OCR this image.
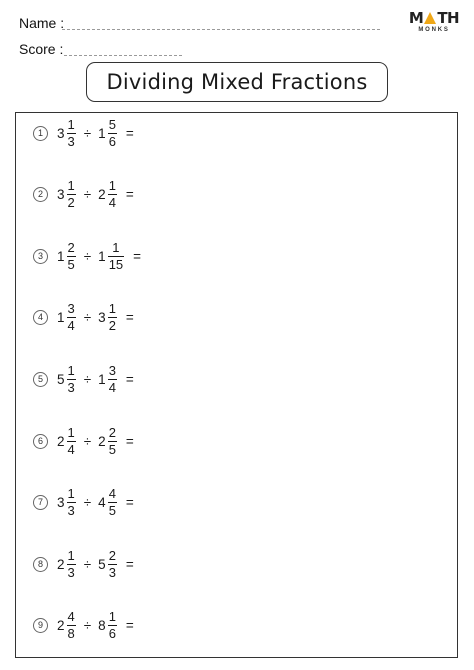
Name :
Score :
M TH
MONKS
Dividing Mixed Fractions
1	$3 \frac{1}{3} \div 1 \frac{5}{6}$ =
2	$3 \frac{1}{2} \div 2 \frac{1}{4}$ =
3	$1 \frac{2}{5} \div 1 \frac{1}{15}$ =
4	$1 \frac{3}{4} \div 3 \frac{1}{2}$ =
5	$5 \frac{1}{3} \div 1 \frac{3}{4}$ =
6	$2 \frac{1}{4} \div 2 \frac{2}{5}$ =
7	$3 \frac{1}{3} \div 4 \frac{4}{5}$ =
8	$2 \frac{1}{3} \div 5 \frac{2}{3}$ =
9	$2 \frac{4}{8} \div 8 \frac{1}{6}$ =
